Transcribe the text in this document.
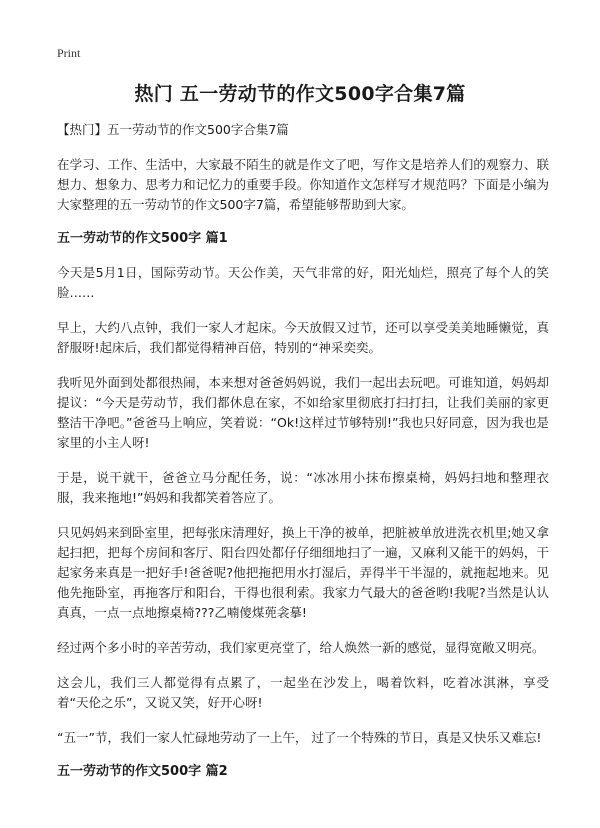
Print
热门 五一劳动节的作文500字合集7篇

【热门】五一劳动节的作文500字合集7篇

在学习、工作、生活中，大家最不陌生的就是作文了吧，写作文是培养人们的观察力、联想力、想象力、思考力和记忆力的重要手段。你知道作文怎样写才规范吗？下面是小编为大家整理的五一劳动节的作文500字7篇，希望能够帮助到大家。

五一劳动节的作文500字 篇1

今天是5月1日，国际劳动节。天公作美，天气非常的好，阳光灿烂，照亮了每个人的笑脸……

早上，大约八点钟，我们一家人才起床。今天放假又过节，还可以享受美美地睡懒觉，真舒服呀!起床后，我们都觉得精神百倍，特别的“神采奕奕。

我听见外面到处都很热闹，本来想对爸爸妈妈说，我们一起出去玩吧。可谁知道，妈妈却提议：“今天是劳动节，我们都休息在家，不如给家里彻底打扫打扫，让我们美丽的家更整洁干净吧。”爸爸马上响应，笑着说：“Ok!这样过节够特别!”我也只好同意，因为我也是家里的小主人呀!

于是，说干就干，爸爸立马分配任务，说：“冰冰用小抹布擦桌椅，妈妈扫地和整理衣服，我来拖地!”妈妈和我都笑着答应了。

只见妈妈来到卧室里，把每张床清理好，换上干净的被单，把脏被单放进洗衣机里;她又拿起扫把，把每个房间和客厅、阳台四处都仔仔细细地扫了一遍，又麻利又能干的妈妈，干起家务来真是一把好手!爸爸呢?他把拖把用水打湿后，弄得半干半湿的，就拖起地来。见他先拖卧室，再拖客厅和阳台，干得也很利索。我家力气最大的爸爸哟!我呢?当然是认认真真，一点一点地擦桌椅???乙喃傻煤蔸衾摹!

经过两个多小时的辛苦劳动，我们家更亮堂了，给人焕然一新的感觉，显得宽敞又明亮。

这会儿，我们三人都觉得有点累了，一起坐在沙发上，喝着饮料，吃着冰淇淋，享受着“天伦之乐”，又说又笑，好开心呀!

“五一”节，我们一家人忙碌地劳动了一上午， 过了一个特殊的节日，真是又快乐又难忘!

五一劳动节的作文500字 篇2
